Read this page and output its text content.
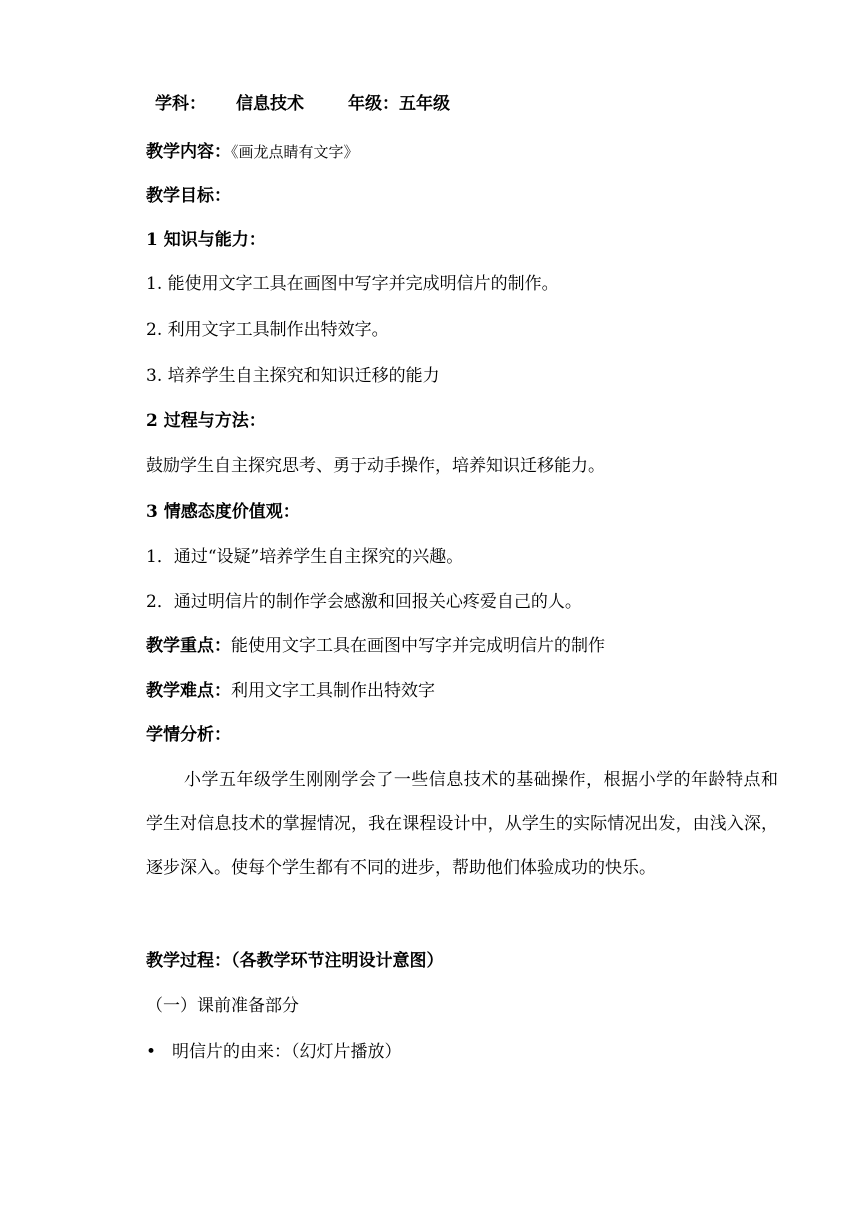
学科： 信息技术	年级：五年级
教学内容：《画龙点睛有文字》
教学目标：
1 知识与能力：
1. 能使用文字工具在画图中写字并完成明信片的制作。
2. 利用文字工具制作出特效字。
3. 培养学生自主探究和知识迁移的能力
2 过程与方法：
鼓励学生自主探究思考、勇于动手操作，培养知识迁移能力。
3 情感态度价值观：
1．通过“设疑”培养学生自主探究的兴趣。
2．通过明信片的制作学会感激和回报关心疼爱自己的人。
教学重点：能使用文字工具在画图中写字并完成明信片的制作
教学难点：利用文字工具制作出特效字
学情分析：

小学五年级学生刚刚学会了一些信息技术的基础操作，根据小学的年龄特点和学生对信息技术的掌握情况，我在课程设计中，从学生的实际情况出发，由浅入深，逐步深入。使每个学生都有不同的进步，帮助他们体验成功的快乐。

教学过程：（各教学环节注明设计意图）
（一）课前准备部分
• 明信片的由来：（幻灯片播放）
